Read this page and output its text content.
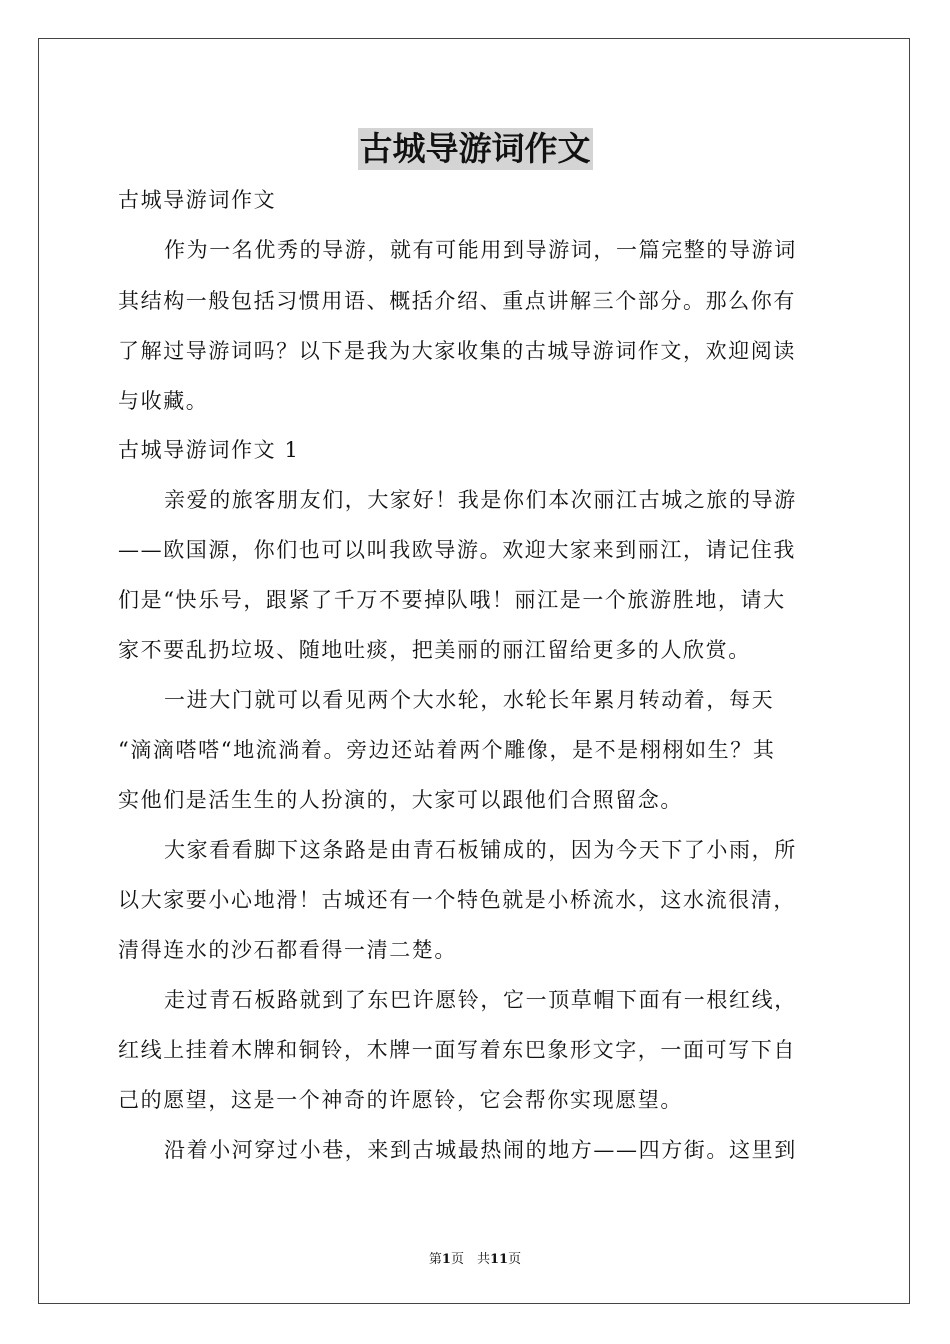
古城导游词作文
古城导游词作文
作为一名优秀的导游，就有可能用到导游词，一篇完整的导游词
其结构一般包括习惯用语、概括介绍、重点讲解三个部分。那么你有
了解过导游词吗？以下是我为大家收集的古城导游词作文，欢迎阅读
与收藏。
古城导游词作文 1
亲爱的旅客朋友们，大家好！我是你们本次丽江古城之旅的导游
——欧国源，你们也可以叫我欧导游。欢迎大家来到丽江，请记住我
们是“快乐号，跟紧了千万不要掉队哦！丽江是一个旅游胜地，请大
家不要乱扔垃圾、随地吐痰，把美丽的丽江留给更多的人欣赏。
一进大门就可以看见两个大水轮，水轮长年累月转动着，每天
“滴滴嗒嗒“地流淌着。旁边还站着两个雕像，是不是栩栩如生？其
实他们是活生生的人扮演的，大家可以跟他们合照留念。
大家看看脚下这条路是由青石板铺成的，因为今天下了小雨，所
以大家要小心地滑！古城还有一个特色就是小桥流水，这水流很清，
清得连水的沙石都看得一清二楚。
走过青石板路就到了东巴许愿铃，它一顶草帽下面有一根红线，
红线上挂着木牌和铜铃，木牌一面写着东巴象形文字，一面可写下自
己的愿望，这是一个神奇的许愿铃，它会帮你实现愿望。
沿着小河穿过小巷，来到古城最热闹的地方——四方街。这里到
第1页　共11页
